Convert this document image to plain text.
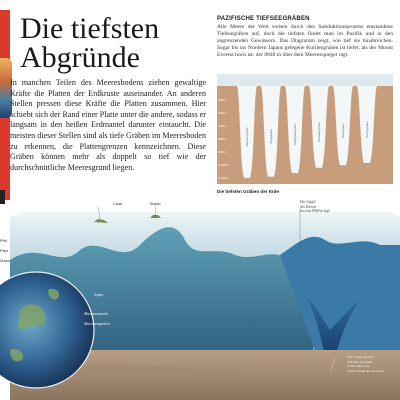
Die tiefsten
Abgründe

In manchen Teilen des Meeresbodens ziehen gewaltige Kräfte die Platten der Erdkruste auseinander. An anderen Stellen pressen diese Kräfte die Platten zusammen. Hier schiebt sich der Rand einer Platte unter die andere, sodass er langsam in den heißen Erdmantel darunter eintaucht. Die meisten dieser Stellen sind als tiefe Gräben im Meeresboden zu erkennen, die Plattengrenzen kennzeichnen. Diese Gräben können mehr als doppelt so tief wie der durchschnittliche Meeresgrund liegen.

PAZIFISCHE TIEFSEEGRÄBEN

Alle Meere der Welt weisen durch den Subduktionsprozess entstandene Tiefseegräben auf, doch die tiefsten findet man im Pazifik und in den angrenzenden Gewässern. Das Diagramm zeigt, wie tief sie hinabreichen. Sogar bis ins Nordern Japans gelegene Kurilengraben ist tiefer, als der Mount Everest hoch ist: der 8848 m über dem Meeresspiegel ragt.

4000 m
6000 m
7000 m
8000 m
9000 m
10 000 m
11 000 m
Marianengraben	Tongagraben	Philippinengraben	Kermadecgraben	Boningraben	Kurilengraben
Die tiefsten Gräben der Erde
Guam	Saipan	Der Gipfel
des Everest
im etwa 8000 m tiefe
Japan
Marianeninseln
Marianengraben
Das Challengertief
befindet sich ganz
in der Nähe des
tiefsten Ende des Grabens
Phil
Pazi
Ozea
